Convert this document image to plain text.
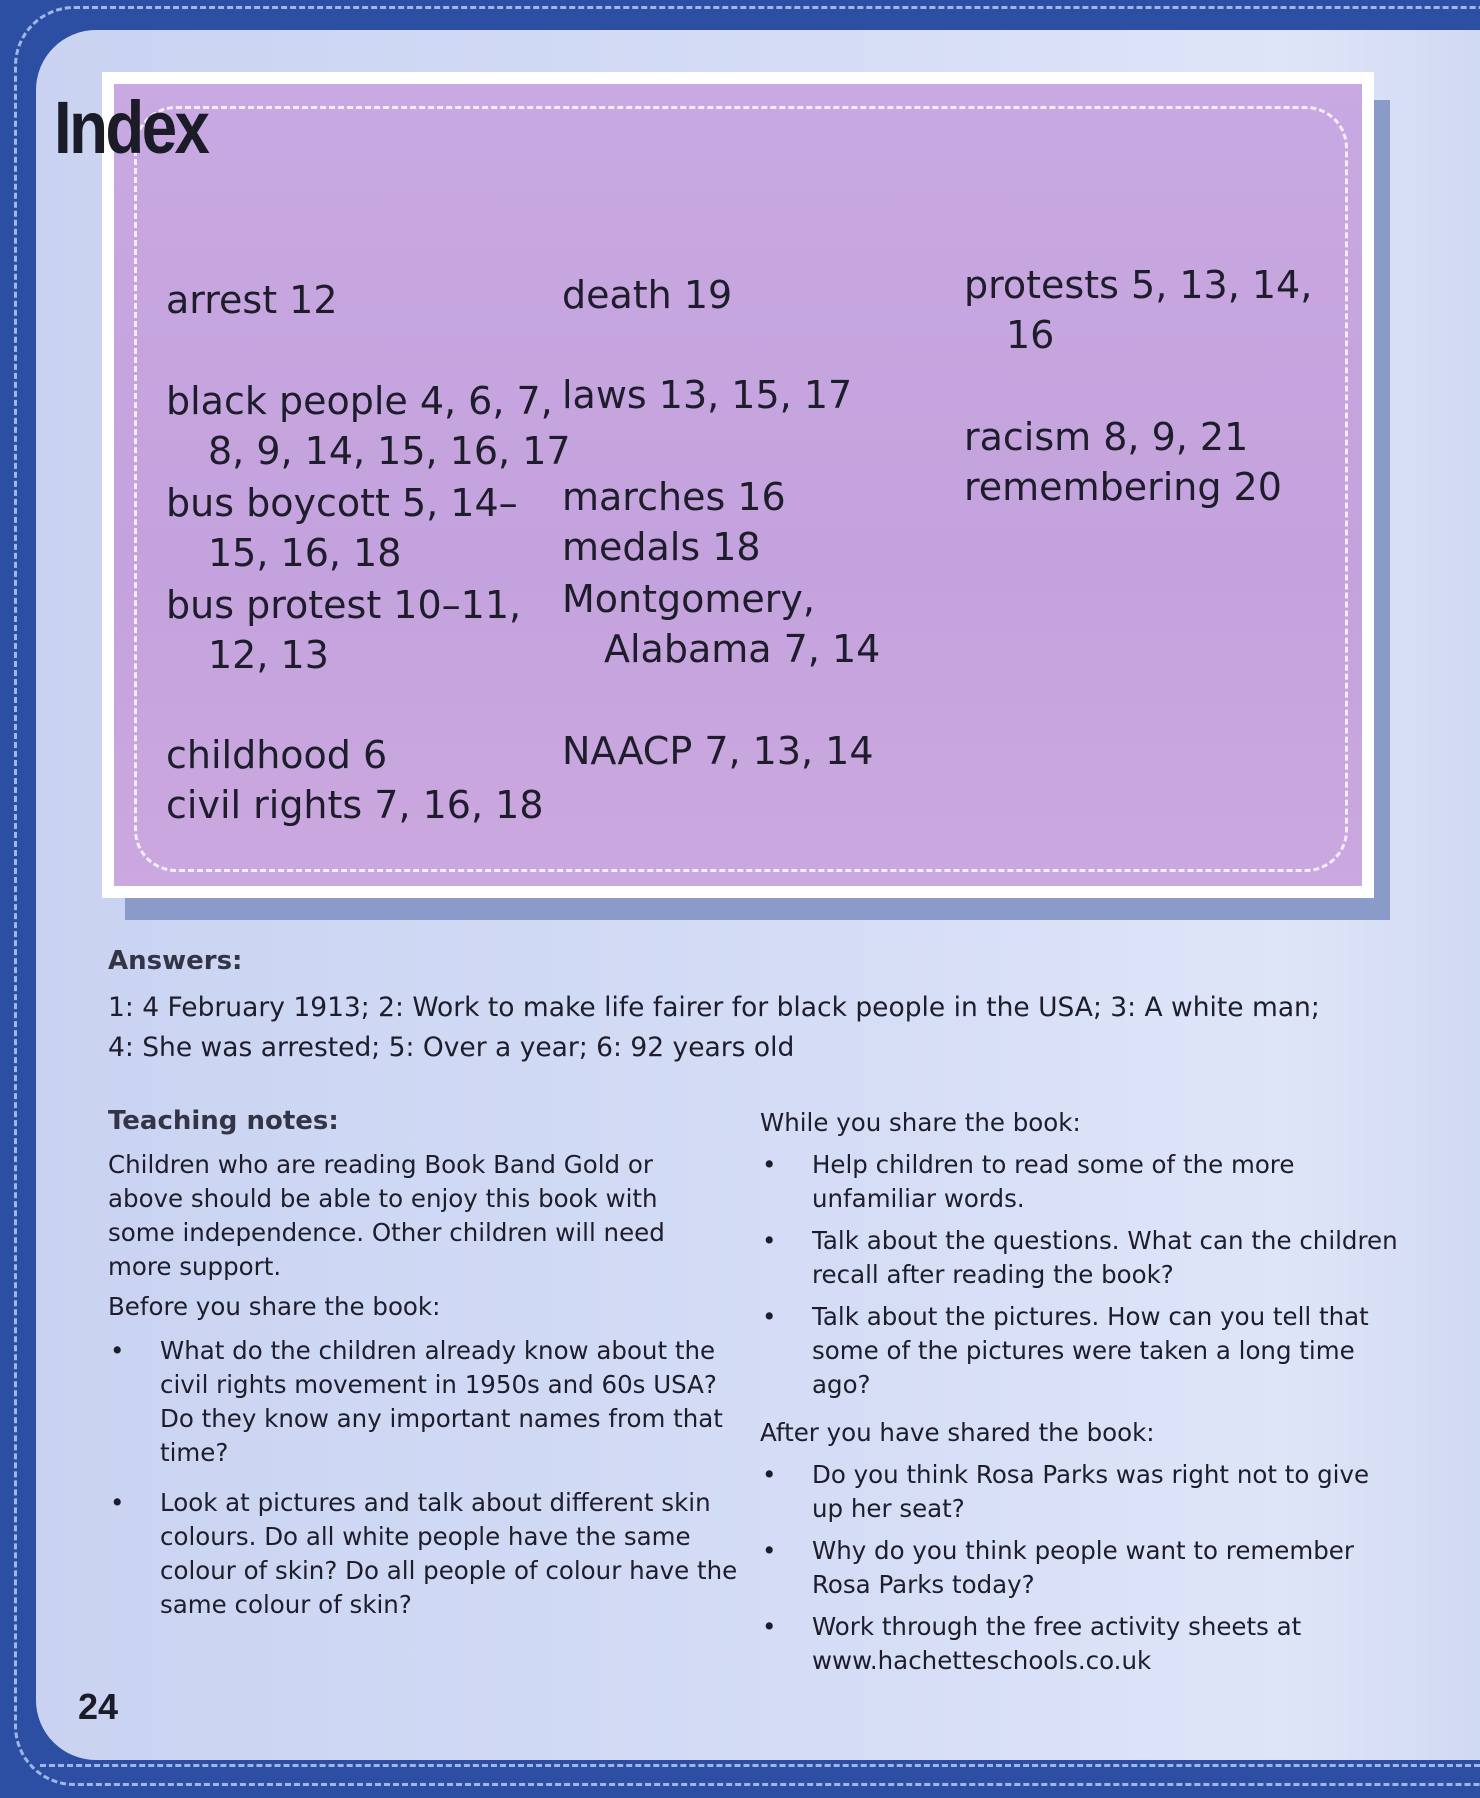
Index
arrest 12
black people 4, 6, 7,
8, 9, 14, 15, 16, 17
bus boycott 5, 14–
15, 16, 18
bus protest 10–11,
12, 13
childhood 6
civil rights 7, 16, 18
death 19
laws 13, 15, 17
marches 16
medals 18
Montgomery,
Alabama 7, 14
NAACP 7, 13, 14
protests 5, 13, 14,
16
racism 8, 9, 21
remembering 20
Answers:
1: 4 February 1913; 2: Work to make life fairer for black people in the USA; 3: A white man;
4: She was arrested; 5: Over a year; 6: 92 years old
Teaching notes:

Children who are reading Book Band Gold or above should be able to enjoy this book with some independence. Other children will need more support.

Before you share the book:
• What do the children already know about the civil rights movement in 1950s and 60s USA? Do they know any important names from that time?
• Look at pictures and talk about different skin colours. Do all white people have the same colour of skin? Do all people of colour have the same colour of skin?
While you share the book:
• Help children to read some of the more unfamiliar words.
• Talk about the questions. What can the children recall after reading the book?
• Talk about the pictures. How can you tell that some of the pictures were taken a long time ago?
After you have shared the book:
• Do you think Rosa Parks was right not to give up her seat?
• Why do you think people want to remember Rosa Parks today?
• Work through the free activity sheets at www.hachetteschools.co.uk
24
